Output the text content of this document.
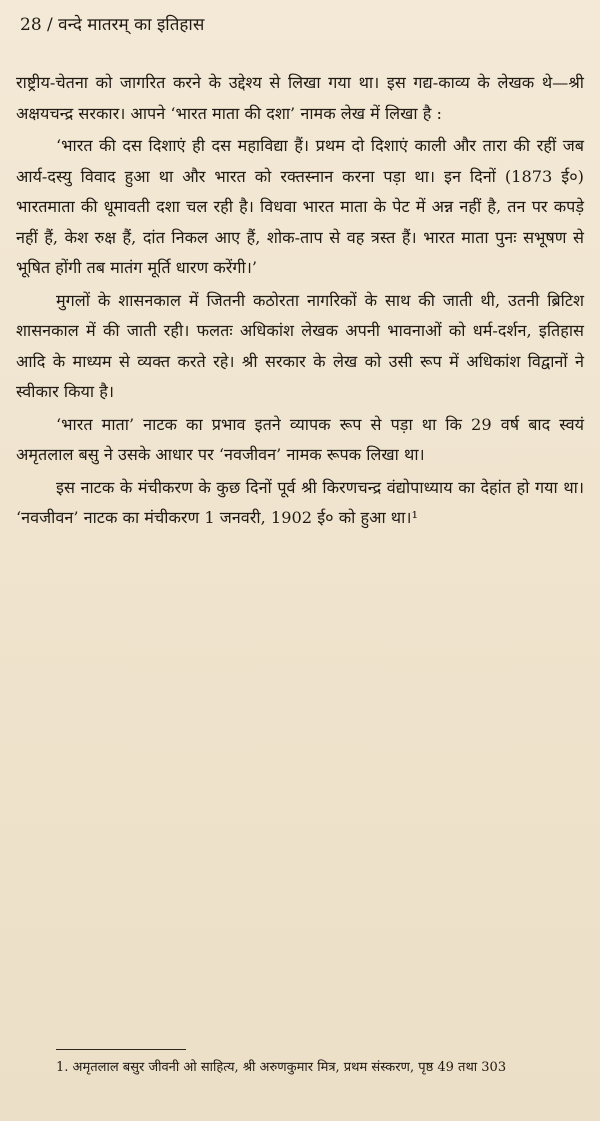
28 / वन्दे मातरम् का इतिहास

राष्ट्रीय-चेतना को जागरित करने के उद्देश्य से लिखा गया था। इस गद्य-काव्य के लेखक थे—श्री अक्षयचन्द्र सरकार। आपने ‘भारत माता की दशा’ नामक लेख में लिखा है :

‘भारत की दस दिशाएं ही दस महाविद्या हैं। प्रथम दो दिशाएं काली और तारा की रहीं जब आर्य-दस्यु विवाद हुआ था और भारत को रक्तस्नान करना पड़ा था। इन दिनों (1873 ई०) भारतमाता की धूमावती दशा चल रही है। विधवा भारत माता के पेट में अन्न नहीं है, तन पर कपड़े नहीं हैं, केश रुक्ष हैं, दांत निकल आए हैं, शोक-ताप से वह त्रस्त हैं। भारत माता पुनः सभूषण से भूषित होंगी तब मातंग मूर्ति धारण करेंगी।’

मुगलों के शासनकाल में जितनी कठोरता नागरिकों के साथ की जाती थी, उतनी ब्रिटिश शासनकाल में की जाती रही। फलतः अधिकांश लेखक अपनी भावनाओं को धर्म-दर्शन, इतिहास आदि के माध्यम से व्यक्त करते रहे। श्री सरकार के लेख को उसी रूप में अधिकांश विद्वानों ने स्वीकार किया है।

‘भारत माता’ नाटक का प्रभाव इतने व्यापक रूप से पड़ा था कि 29 वर्ष बाद स्वयं अमृतलाल बसु ने उसके आधार पर ‘नवजीवन’ नामक रूपक लिखा था।

इस नाटक के मंचीकरण के कुछ दिनों पूर्व श्री किरणचन्द्र वंद्योपाध्याय का देहांत हो गया था। ‘नवजीवन’ नाटक का मंचीकरण 1 जनवरी, 1902 ई० को हुआ था।¹

1. अमृतलाल बसुर जीवनी ओ साहित्य, श्री अरुणकुमार मित्र, प्रथम संस्करण, पृष्ठ 49 तथा 303
